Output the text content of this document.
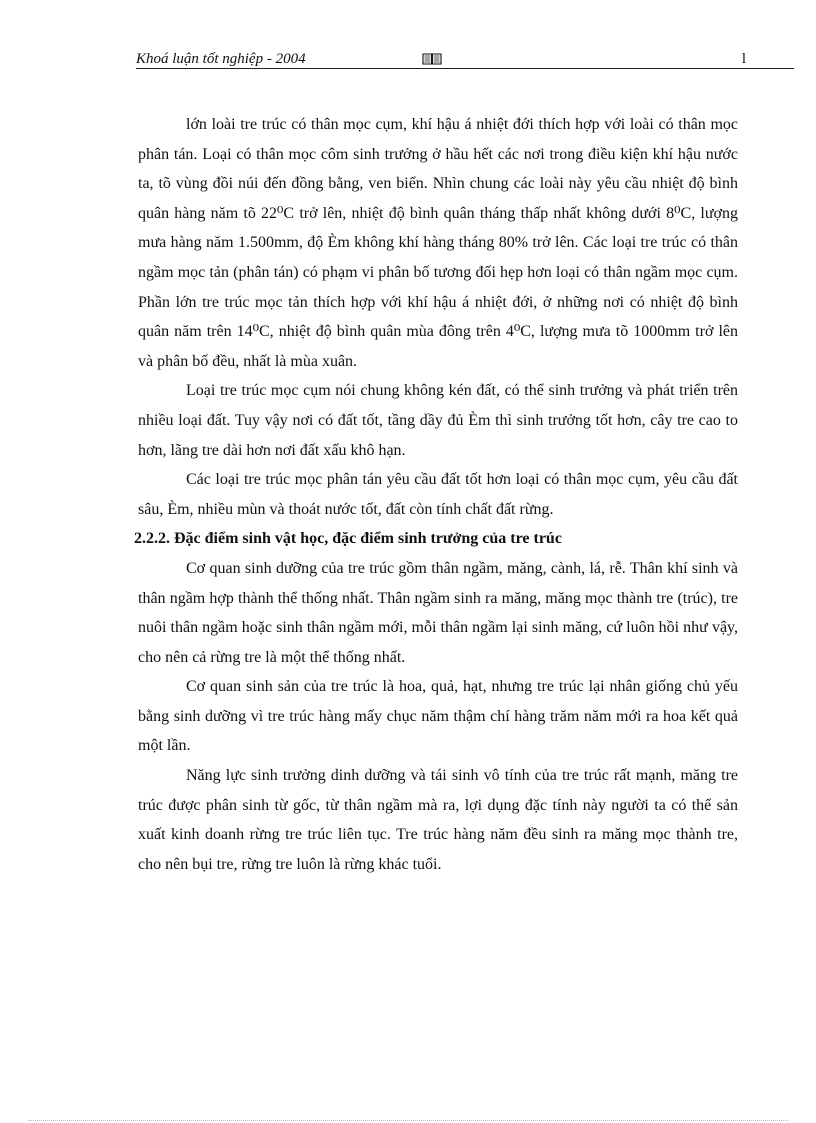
Khoá luận tốt nghiệp - 2004	l

lớn loài tre trúc có thân mọc cụm, khí hậu á nhiệt đới thích hợp với loài có thân mọc phân tán. Loại có thân mọc côm sinh trưởng ở hầu hết các nơi trong điều kiện khí hậu nước ta, tõ vùng đồi núi đến đồng bằng, ven biển. Nhìn chung các loài này yêu cầu nhiệt độ bình quân hàng năm tõ 22⁰C trở lên, nhiệt độ bình quân tháng thấp nhất không dưới 8⁰C, lượng mưa hàng năm 1.500mm, độ Èm không khí hàng tháng 80% trở lên. Các loại tre trúc có thân ngầm mọc tản (phân tán) có phạm vi phân bố tương đối hẹp hơn loại có thân ngầm mọc cụm. Phần lớn tre trúc mọc tản thích hợp với khí hậu á nhiệt đới, ở những nơi có nhiệt độ bình quân năm trên 14⁰C, nhiệt độ bình quân mùa đông trên 4⁰C, lượng mưa tõ 1000mm trở lên và phân bố đều, nhất là mùa xuân.

Loại tre trúc mọc cụm nói chung không kén đất, có thể sinh trưởng và phát triển trên nhiều loại đất. Tuy vậy nơi có đất tốt, tầng dầy đủ Èm thì sinh trưởng tốt hơn, cây tre cao to hơn, lãng tre dài hơn nơi đất xấu khô hạn.

Các loại tre trúc mọc phân tán yêu cầu đất tốt hơn loại có thân mọc cụm, yêu cầu đất sâu, Èm, nhiều mùn và thoát nước tốt, đất còn tính chất đất rừng.

2.2.2. Đặc điểm sinh vật học, đặc điểm sinh trưởng của tre trúc

Cơ quan sinh dưỡng của tre trúc gồm thân ngầm, măng, cành, lá, rễ. Thân khí sinh và thân ngầm hợp thành thể thống nhất. Thân ngầm sinh ra măng, măng mọc thành tre (trúc), tre nuôi thân ngầm hoặc sinh thân ngầm mới, mỗi thân ngầm lại sinh măng, cứ luôn hồi như vậy, cho nên cả rừng tre là một thể thống nhất.

Cơ quan sinh sản của tre trúc là hoa, quả, hạt, nhưng tre trúc lại nhân giống chủ yếu bằng sinh dưỡng vì tre trúc hàng mấy chục năm thậm chí hàng trăm năm mới ra hoa kết quả một lần.

Năng lực sinh trưởng dinh dưỡng và tái sinh vô tính của tre trúc rất mạnh, măng tre trúc được phân sinh từ gốc, từ thân ngầm mà ra, lợi dụng đặc tính này người ta có thể sản xuất kinh doanh rừng tre trúc liên tục. Tre trúc hàng năm đều sinh ra măng mọc thành tre, cho nên bụi tre, rừng tre luôn là rừng khác tuổi.
